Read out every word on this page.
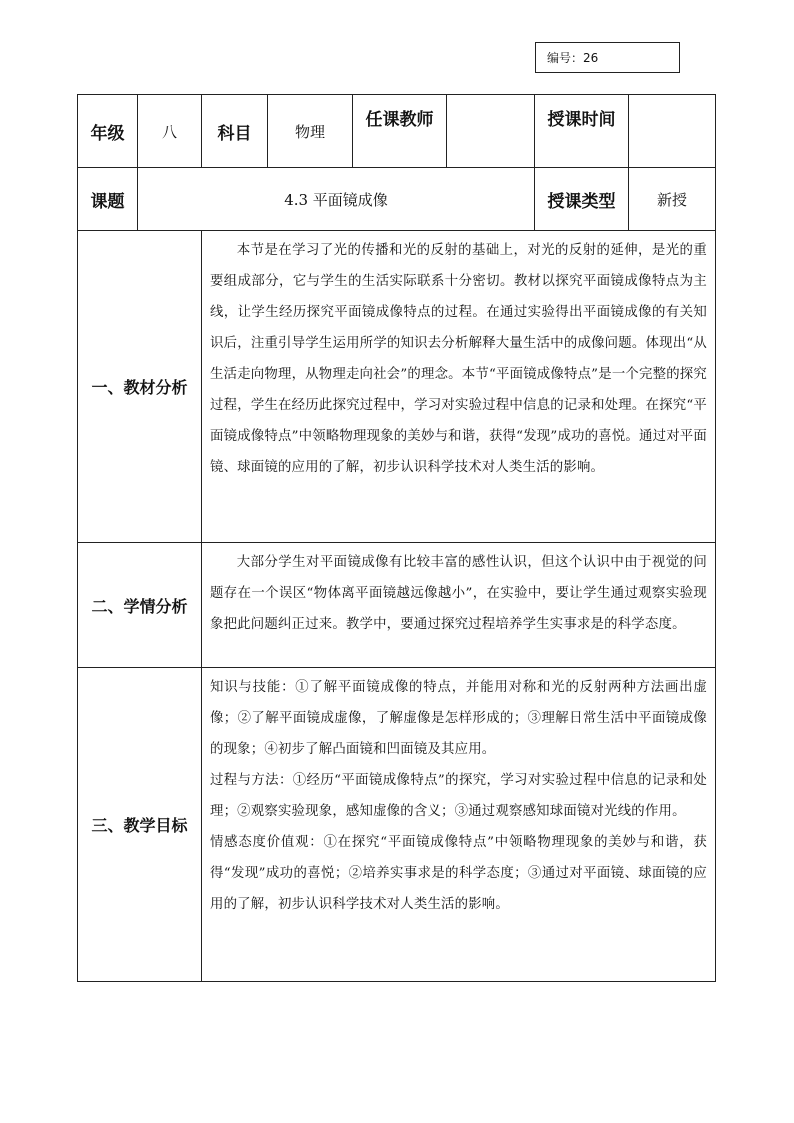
编号：26
年级	八	科目	物理	任课教师		授课时间	
课题	4.3 平面镜成像					授课类型	新授
一、教材分析		本节是在学习了光的传播和光的反射的基础上，对光的反射的延伸，是光的重要组成部分，它与学生的生活实际联系十分密切。教材以探究平面镜成像特点为主线，让学生经历探究平面镜成像特点的过程。在通过实验得出平面镜成像的有关知识后，注重引导学生运用所学的知识去分析解释大量生活中的成像问题。体现出“从生活走向物理，从物理走向社会”的理念。本节“平面镜成像特点”是一个完整的探究过程，学生在经历此探究过程中，学习对实验过程中信息的记录和处理。在探究“平面镜成像特点”中领略物理现象的美妙与和谐，获得“发现”成功的喜悦。通过对平面镜、球面镜的应用的了解，初步认识科学技术对人类生活的影响。					

二、学情分析		大部分学生对平面镜成像有比较丰富的感性认识，但这个认识中由于视觉的问题存在一个误区“物体离平面镜越远像越小”，在实验中，要让学生通过观察实验现象把此问题纠正过来。教学中，要通过探究过程培养学生实事求是的科学态度。					

三、教学目标		知识与技能：①了解平面镜成像的特点，并能用对称和光的反射两种方法画出虚像；②了解平面镜成虚像，了解虚像是怎样形成的；③理解日常生活中平面镜成像的现象；④初步了解凸面镜和凹面镜及其应用。

过程与方法：①经历“平面镜成像特点”的探究，学习对实验过程中信息的记录和处理；②观察实验现象，感知虚像的含义；③通过观察感知球面镜对光线的作用。

情感态度价值观：①在探究“平面镜成像特点”中领略物理现象的美妙与和谐，获得“发现”成功的喜悦；②培养实事求是的科学态度；③通过对平面镜、球面镜的应用的了解，初步认识科学技术对人类生活的影响。					
